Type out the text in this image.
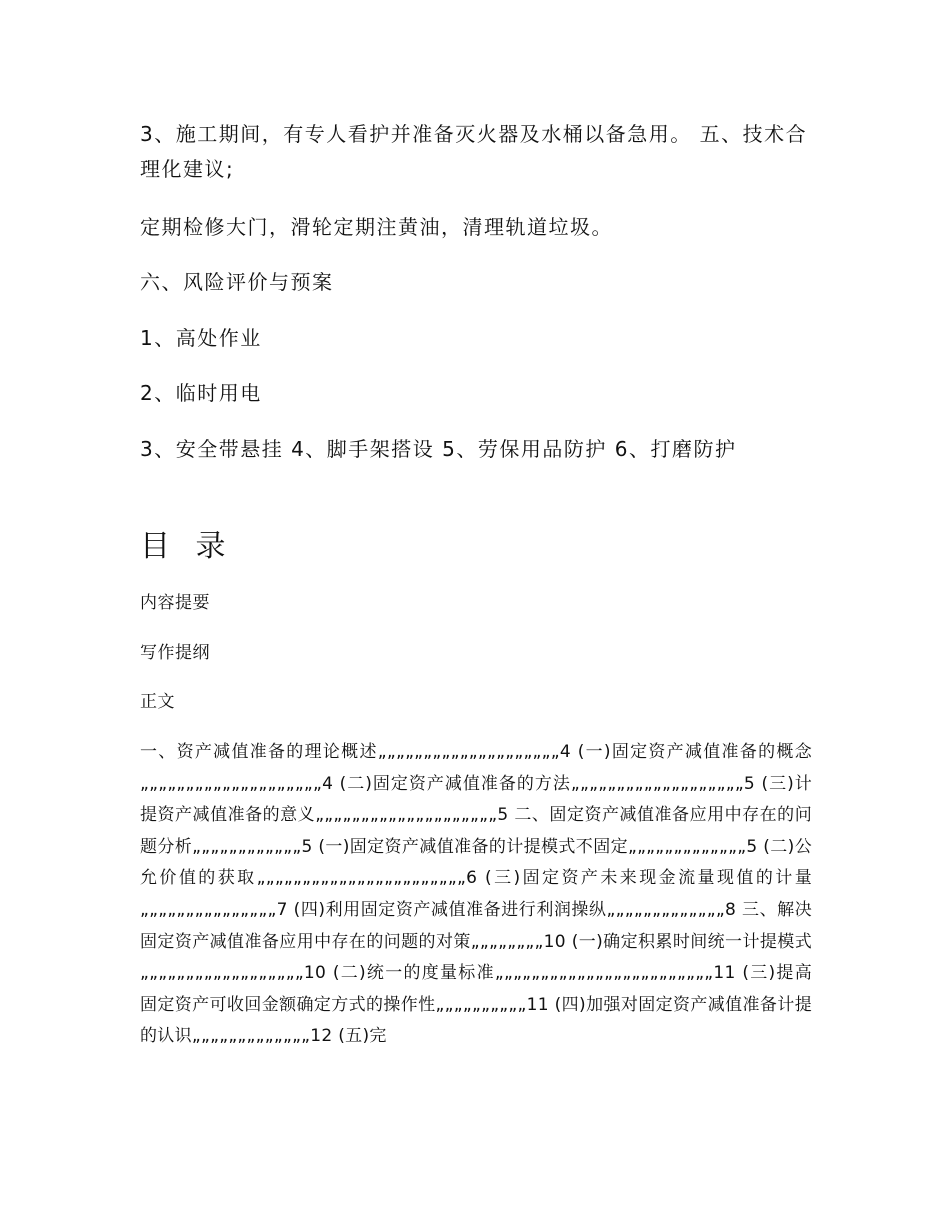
3、施工期间，有专人看护并准备灭火器及水桶以备急用。 五、技术合理化建议;

定期检修大门，滑轮定期注黄油，清理轨道垃圾。

六、风险评价与预案

1、高处作业

2、临时用电

3、安全带悬挂 4、脚手架搭设 5、劳保用品防护 6、打磨防护

目 录

内容提要

写作提纲

正文

一、资产减值准备的理论概述„„„„„„„„„„„„„„„„„„„„4 (一)固定资产减值准备的概念„„„„„„„„„„„„„„„„„„„„4 (二)固定资产减值准备的方法„„„„„„„„„„„„„„„„„„„5 (三)计提资产减值准备的意义„„„„„„„„„„„„„„„„„„„„5 二、固定资产减值准备应用中存在的问题分析„„„„„„„„„„„„5 (一)固定资产减值准备的计提模式不固定„„„„„„„„„„„„„5 (二)公允价值的获取„„„„„„„„„„„„„„„„„„„„„„„6 (三)固定资产未来现金流量现值的计量„„„„„„„„„„„„„„„7 (四)利用固定资产减值准备进行利润操纵„„„„„„„„„„„„„8 三、解决固定资产减值准备应用中存在的问题的对策„„„„„„„„10 (一)确定积累时间统一计提模式„„„„„„„„„„„„„„„„„„10 (二)统一的度量标准„„„„„„„„„„„„„„„„„„„„„„„„11 (三)提高固定资产可收回金额确定方式的操作性„„„„„„„„„„11 (四)加强对固定资产减值准备计提的认识„„„„„„„„„„„„„12 (五)完
